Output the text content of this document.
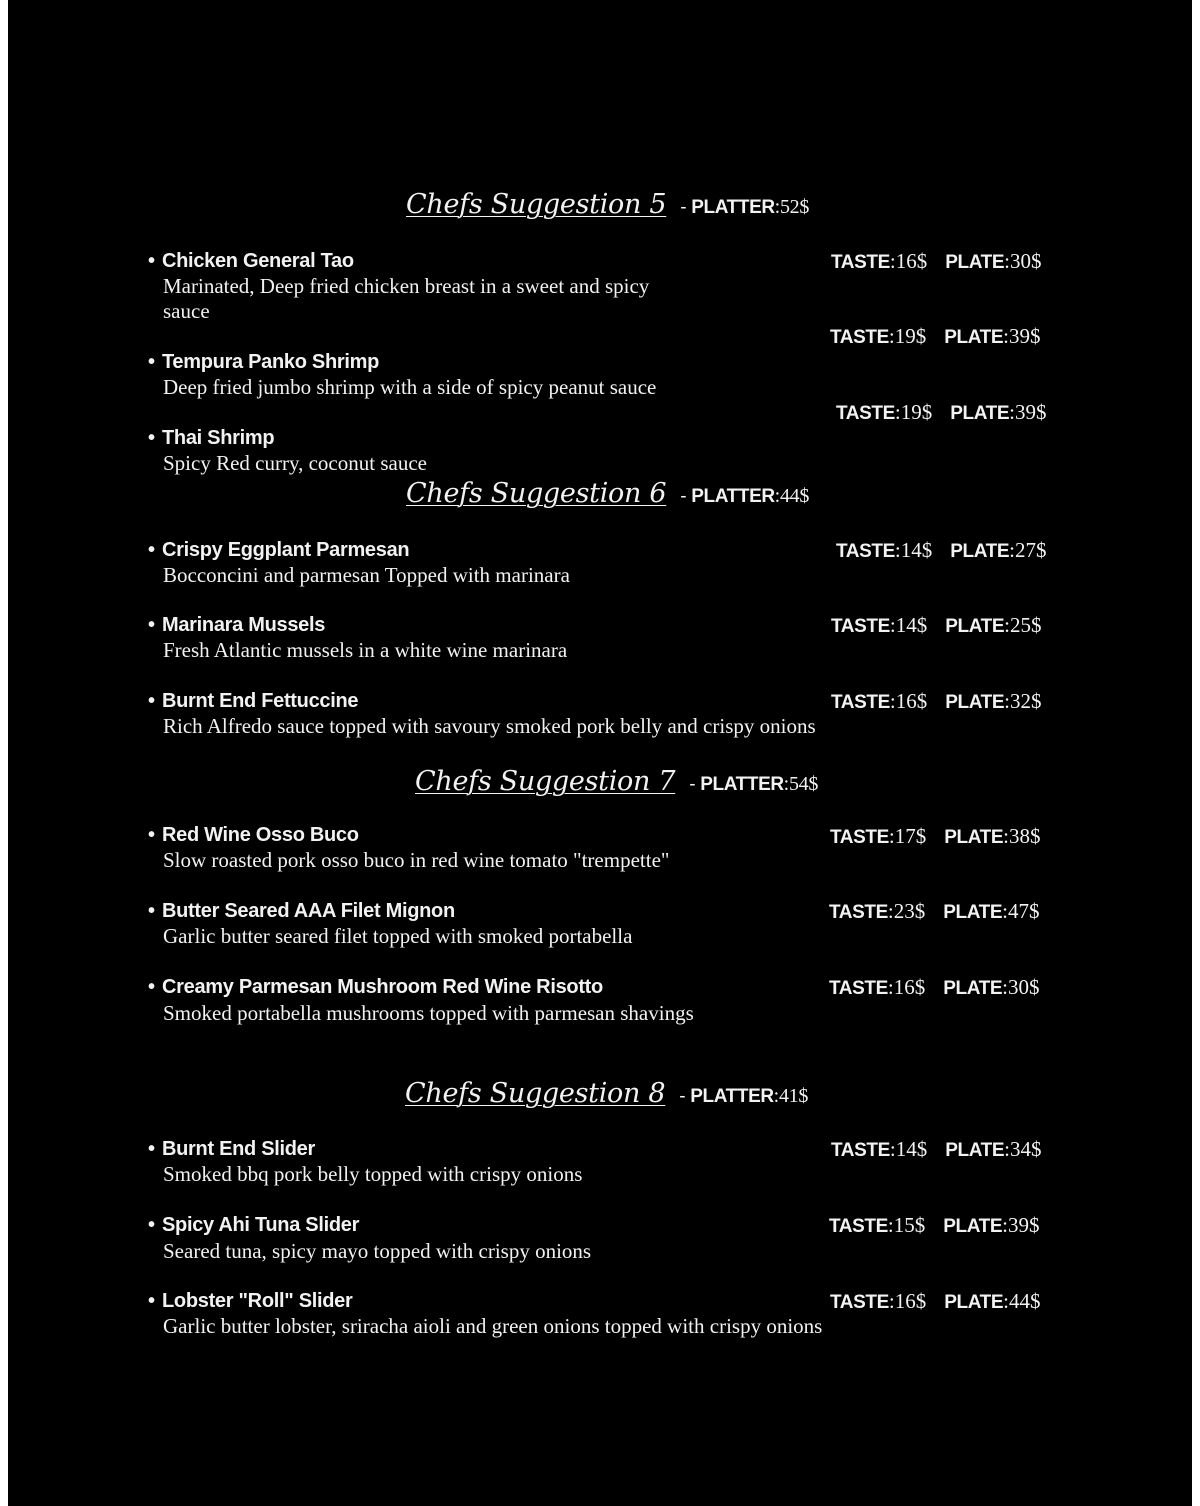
Chefs Suggestion 5 - PLATTER:52$
• Chicken General Tao
Marinated, Deep fried chicken breast in a sweet and spicy
sauce
TASTE:16$ PLATE:30$
TASTE:19$ PLATE:39$
• Tempura Panko Shrimp
Deep fried jumbo shrimp with a side of spicy peanut sauce
TASTE:19$ PLATE:39$
• Thai Shrimp
Spicy Red curry, coconut sauce
Chefs Suggestion 6 - PLATTER:44$
• Crispy Eggplant Parmesan
Bocconcini and parmesan Topped with marinara
TASTE:14$ PLATE:27$
• Marinara Mussels
Fresh Atlantic mussels in a white wine marinara
TASTE:14$ PLATE:25$
• Burnt End Fettuccine
Rich Alfredo sauce topped with savoury smoked pork belly and crispy onions
TASTE:16$ PLATE:32$
Chefs Suggestion 7 - PLATTER:54$
• Red Wine Osso Buco
Slow roasted pork osso buco in red wine tomato "trempette"
TASTE:17$ PLATE:38$
• Butter Seared AAA Filet Mignon
Garlic butter seared filet topped with smoked portabella
TASTE:23$ PLATE:47$
• Creamy Parmesan Mushroom Red Wine Risotto
Smoked portabella mushrooms topped with parmesan shavings
TASTE:16$ PLATE:30$
Chefs Suggestion 8 - PLATTER:41$
• Burnt End Slider
Smoked bbq pork belly topped with crispy onions
TASTE:14$ PLATE:34$
• Spicy Ahi Tuna Slider
Seared tuna, spicy mayo topped with crispy onions
TASTE:15$ PLATE:39$
• Lobster "Roll" Slider
Garlic butter lobster, sriracha aioli and green onions topped with crispy onions
TASTE:16$ PLATE:44$
